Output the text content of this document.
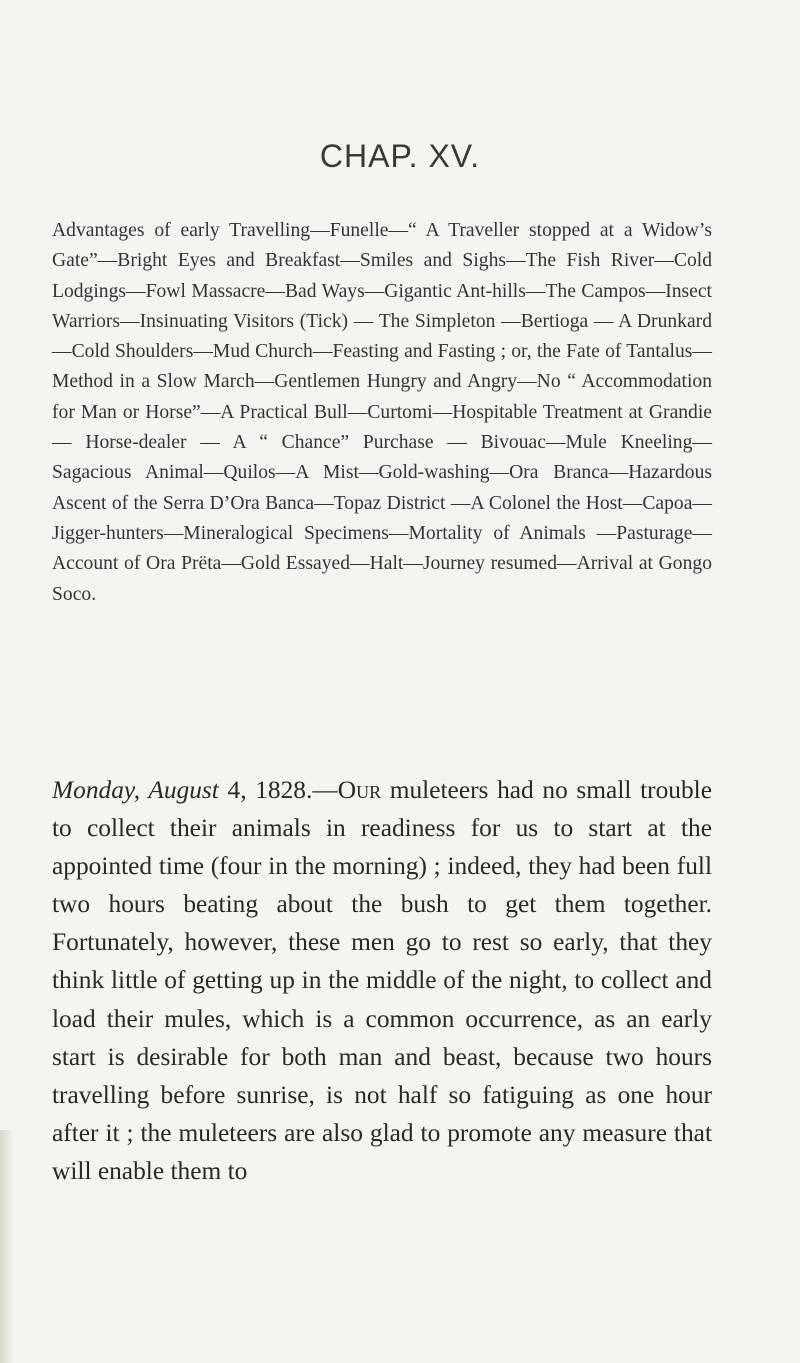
CHAP. XV.

Advantages of early Travelling—Funelle—“ A Traveller stopped at a Widow’s Gate”—Bright Eyes and Breakfast—Smiles and Sighs—The Fish River—Cold Lodgings—Fowl Massacre—Bad Ways—Gigantic Ant-hills—The Campos—Insect Warriors—Insinuating Visitors (Tick) — The Simpleton —Bertioga — A Drunkard—Cold Shoulders—Mud Church—Feasting and Fasting ; or, the Fate of Tantalus—Method in a Slow March—Gentlemen Hungry and Angry—No “ Accommodation for Man or Horse”—A Practical Bull—Curtomi—Hospitable Treatment at Grandie — Horse-dealer — A “ Chance” Purchase — Bivouac—Mule Kneeling—Sagacious Animal—Quilos—A Mist—Gold-washing—Ora Branca—Hazardous Ascent of the Serra D’Ora Banca—Topaz District —A Colonel the Host—Capoa—Jigger-hunters—Mineralogical Specimens—Mortality of Animals —Pasturage—Account of Ora Prëta—Gold Essayed—Halt—Journey resumed—Arrival at Gongo Soco.

Monday, August 4, 1828.—Our muleteers had no small trouble to collect their animals in readiness for us to start at the appointed time (four in the morning) ; indeed, they had been full two hours beating about the bush to get them together. Fortunately, however, these men go to rest so early, that they think little of getting up in the middle of the night, to collect and load their mules, which is a common occurrence, as an early start is desirable for both man and beast, because two hours travelling before sunrise, is not half so fatiguing as one hour after it ; the muleteers are also glad to promote any measure that will enable them to
